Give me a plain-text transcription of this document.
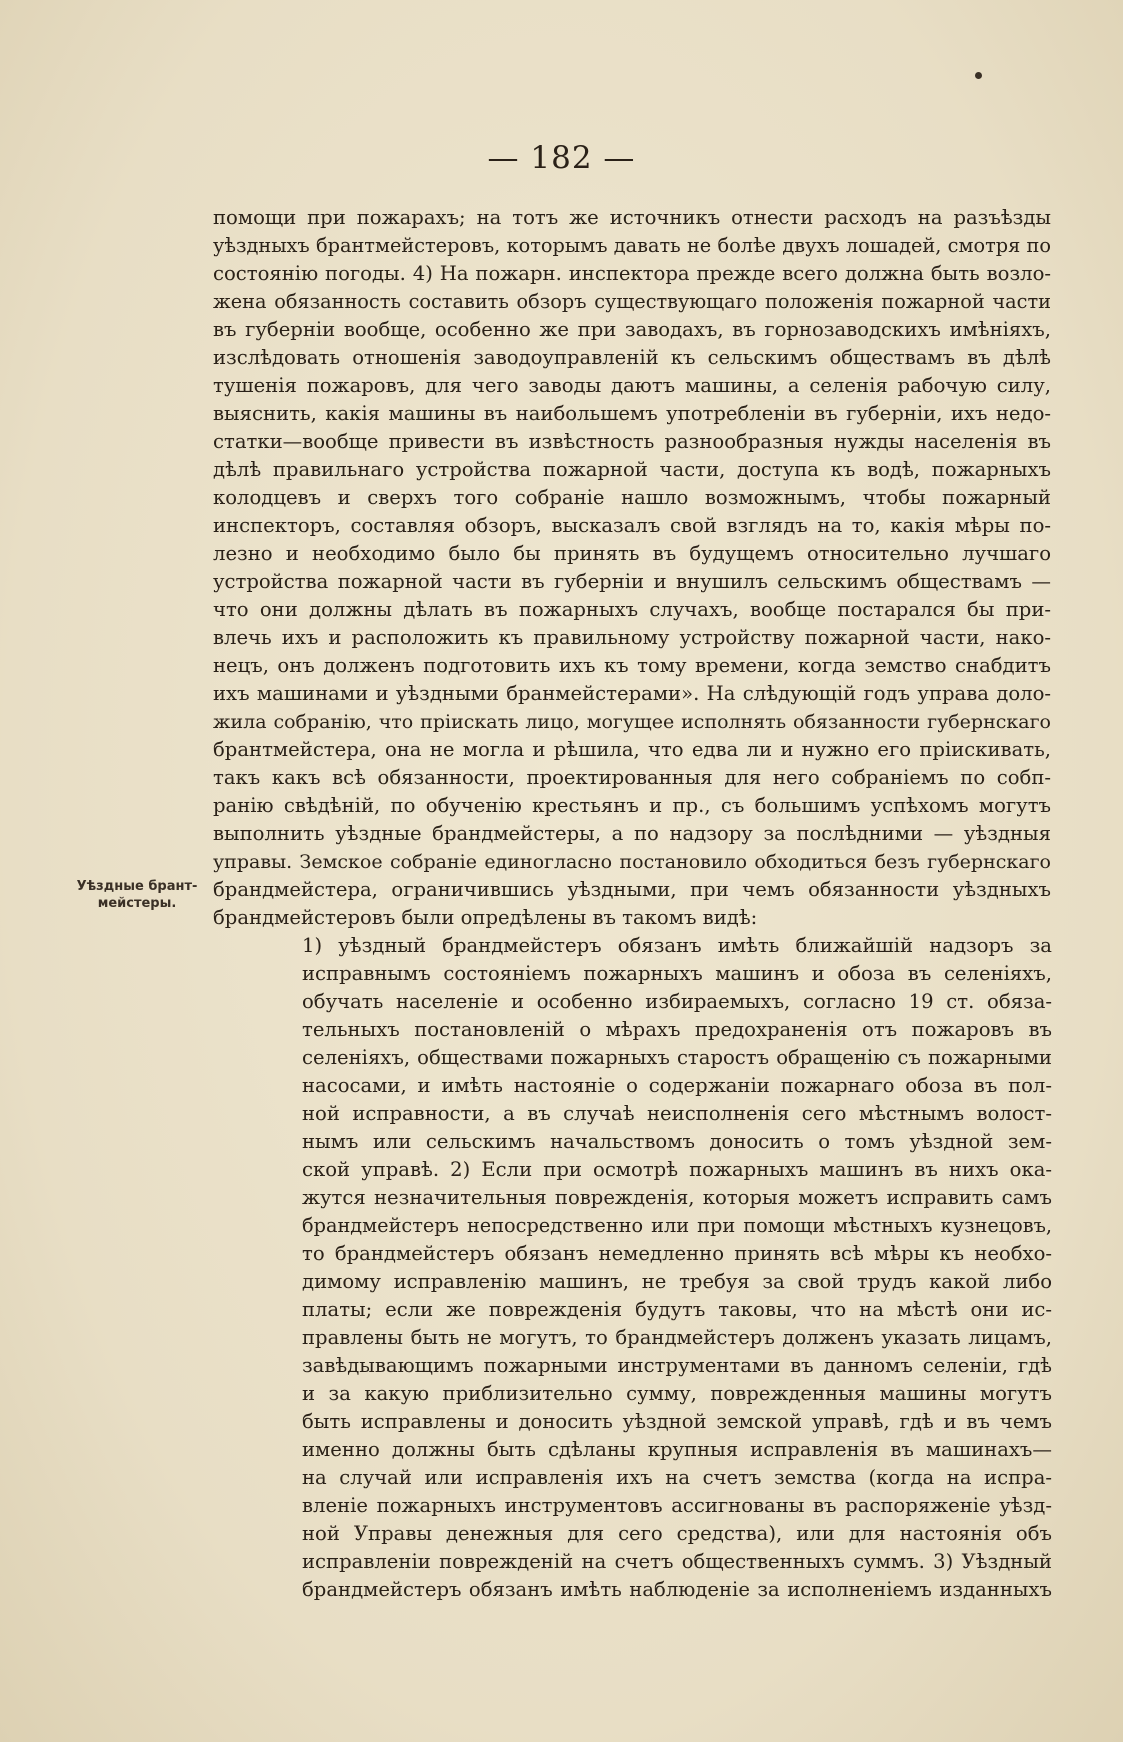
— 182 —
Уѣздные брант-
мейстеры.
помощи при пожарахъ; на тотъ же источникъ отнести расходъ на разъѣзды
уѣздныхъ брантмейстеровъ, которымъ давать не болѣе двухъ лошадей, смотря по
состоянію погоды. 4) На пожарн. инспектора прежде всего должна быть возло-
жена обязанность составить обзоръ существующаго положенія пожарной части
въ губерніи вообще, особенно же при заводахъ, въ горнозаводскихъ имѣніяхъ,
изслѣдовать отношенія заводоуправленій къ сельскимъ обществамъ въ дѣлѣ
тушенія пожаровъ, для чего заводы даютъ машины, а селенія рабочую силу,
выяснить, какія машины въ наибольшемъ употребленіи въ губерніи, ихъ недо-
статки—вообще привести въ извѣстность разнообразныя нужды населенія въ
дѣлѣ правильнаго устройства пожарной части, доступа къ водѣ, пожарныхъ
колодцевъ и сверхъ того собраніе нашло возможнымъ, чтобы пожарный
инспекторъ, составляя обзоръ, высказалъ свой взглядъ на то, какія мѣры по-
лезно и необходимо было бы принять въ будущемъ относительно лучшаго
устройства пожарной части въ губерніи и внушилъ сельскимъ обществамъ —
что они должны дѣлать въ пожарныхъ случахъ, вообще постарался бы при-
влечь ихъ и расположить къ правильному устройству пожарной части, нако-
нецъ, онъ долженъ подготовить ихъ къ тому времени, когда земство снабдитъ
ихъ машинами и уѣздными бранмейстерами». На слѣдующій годъ управа доло-
жила собранію, что пріискать лицо, могущее исполнять обязанности губернскаго
брантмейстера, она не могла и рѣшила, что едва ли и нужно его пріискивать,
такъ какъ всѣ обязанности, проектированныя для него собраніемъ по собп-
ранію свѣдѣній, по обученію крестьянъ и пр., съ большимъ успѣхомъ могутъ
выполнить уѣздные брандмейстеры, а по надзору за послѣдними — уѣздныя
управы. Земское собраніе единогласно постановило обходиться безъ губернскаго
брандмейстера, ограничившись уѣздными, при чемъ обязанности уѣздныхъ
брандмейстеровъ были опредѣлены въ такомъ видѣ:
1) уѣздный брандмейстеръ обязанъ имѣть ближайшій надзоръ за
исправнымъ состояніемъ пожарныхъ машинъ и обоза въ селеніяхъ,
обучать населеніе и особенно избираемыхъ, согласно 19 ст. обяза-
тельныхъ постановленій о мѣрахъ предохраненія отъ пожаровъ въ
селеніяхъ, обществами пожарныхъ старостъ обращенію съ пожарными
насосами, и имѣть настояніе о содержаніи пожарнаго обоза въ пол-
ной исправности, а въ случаѣ неисполненія сего мѣстнымъ волост-
нымъ или сельскимъ начальствомъ доносить о томъ уѣздной зем-
ской управѣ. 2) Если при осмотрѣ пожарныхъ машинъ въ нихъ ока-
жутся незначительныя поврежденія, которыя можетъ исправить самъ
брандмейстеръ непосредственно или при помощи мѣстныхъ кузнецовъ,
то брандмейстеръ обязанъ немедленно принять всѣ мѣры къ необхо-
димому исправленію машинъ, не требуя за свой трудъ какой либо
платы; если же поврежденія будутъ таковы, что на мѣстѣ они ис-
правлены быть не могутъ, то брандмейстеръ долженъ указать лицамъ,
завѣдывающимъ пожарными инструментами въ данномъ селеніи, гдѣ
и за какую приблизительно сумму, поврежденныя машины могутъ
быть исправлены и доносить уѣздной земской управѣ, гдѣ и въ чемъ
именно должны быть сдѣланы крупныя исправленія въ машинахъ—
на случай или исправленія ихъ на счетъ земства (когда на испра-
вленіе пожарныхъ инструментовъ ассигнованы въ распоряженіе уѣзд-
ной Управы денежныя для сего средства), или для настоянія объ
исправленіи поврежденій на счетъ общественныхъ суммъ. 3) Уѣздный
брандмейстеръ обязанъ имѣть наблюденіе за исполненіемъ изданныхъ
